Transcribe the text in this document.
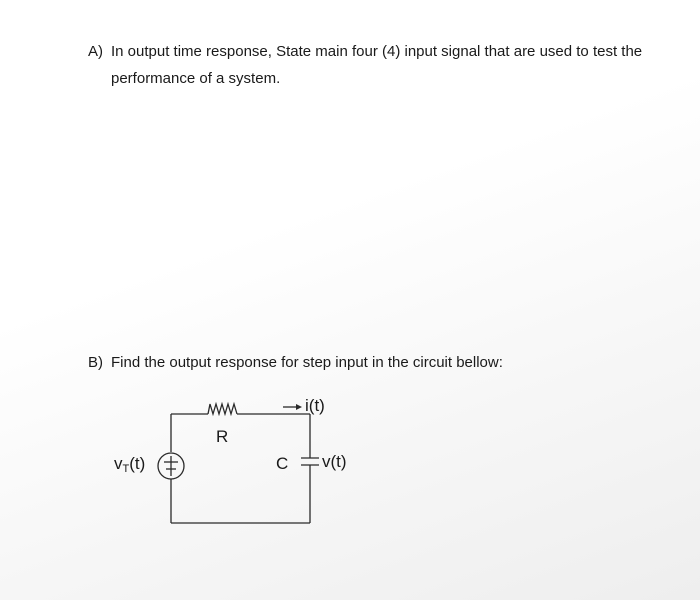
A) In output time response, State main four (4) input signal that are used to test the performance of a system.
B) Find the output response for step input in the circuit bellow:
R
i(t)
C v(t)
vT(t)
